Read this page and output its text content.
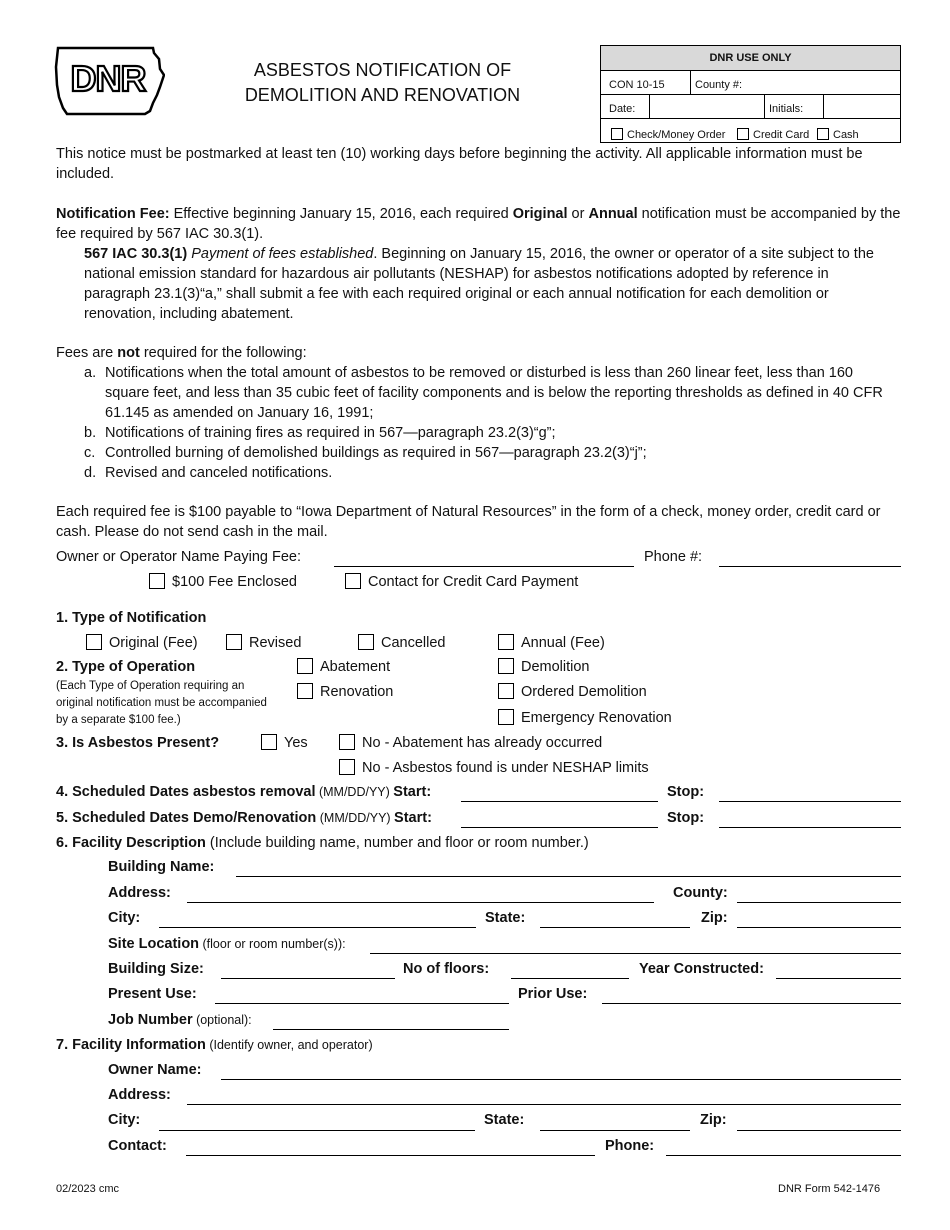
DNR	ASBESTOS NOTIFICATION OF
DEMOLITION AND RENOVATION
DNR USE ONLY
CON 10-15	County #:
Date:	Initials:
Check/Money Order	Credit Card Cash
This notice must be postmarked at least ten (10) working days before beginning the activity. All applicable information must be included.
Notification Fee: Effective beginning January 15, 2016, each required Original or Annual notification must be accompanied by the fee required by 567 IAC 30.3(1).
567 IAC 30.3(1) Payment of fees established. Beginning on January 15, 2016, the owner or operator of a site subject to the national emission standard for hazardous air pollutants (NESHAP) for asbestos notifications adopted by reference in paragraph 23.1(3)“a,” shall submit a fee with each required original or each annual notification for each demolition or renovation, including abatement.
Fees are not required for the following:
a. Notifications when the total amount of asbestos to be removed or disturbed is less than 260 linear feet, less than 160 square feet, and less than 35 cubic feet of facility components and is below the reporting thresholds as defined in 40 CFR 61.145 as amended on January 16, 1991;
b. Notifications of training fires as required in 567—paragraph 23.2(3)“g”;
c. Controlled burning of demolished buildings as required in 567—paragraph 23.2(3)“j”;
d. Revised and canceled notifications.
Each required fee is $100 payable to “Iowa Department of Natural Resources” in the form of a check, money order, credit card or cash. Please do not send cash in the mail.
Owner or Operator Name Paying Fee:	Phone #:
$100 Fee Enclosed	Contact for Credit Card Payment
1. Type of Notification
Original (Fee)	Revised	Cancelled	Annual (Fee)
2. Type of Operation
(Each Type of Operation requiring an original notification must be accompanied by a separate $100 fee.)
Abatement
Renovation
Demolition
Ordered Demolition
Emergency Renovation
3. Is Asbestos Present?	Yes	No - Abatement has already occurred
No - Asbestos found is under NESHAP limits
4. Scheduled Dates asbestos removal (MM/DD/YY) Start:	Stop:
5. Scheduled Dates Demo/Renovation (MM/DD/YY) Start:	Stop:
6. Facility Description (Include building name, number and floor or room number.)
Building Name:
Address:	County:
City:	State:	Zip:
Site Location (floor or room number(s)):
Building Size:	No of floors:	Year Constructed:
Present Use:	Prior Use:
Job Number (optional):
7. Facility Information (Identify owner, and operator)
Owner Name:
Address:
City:	State:	Zip:
Contact:	Phone:
02/2023 cmc	DNR Form 542-1476
